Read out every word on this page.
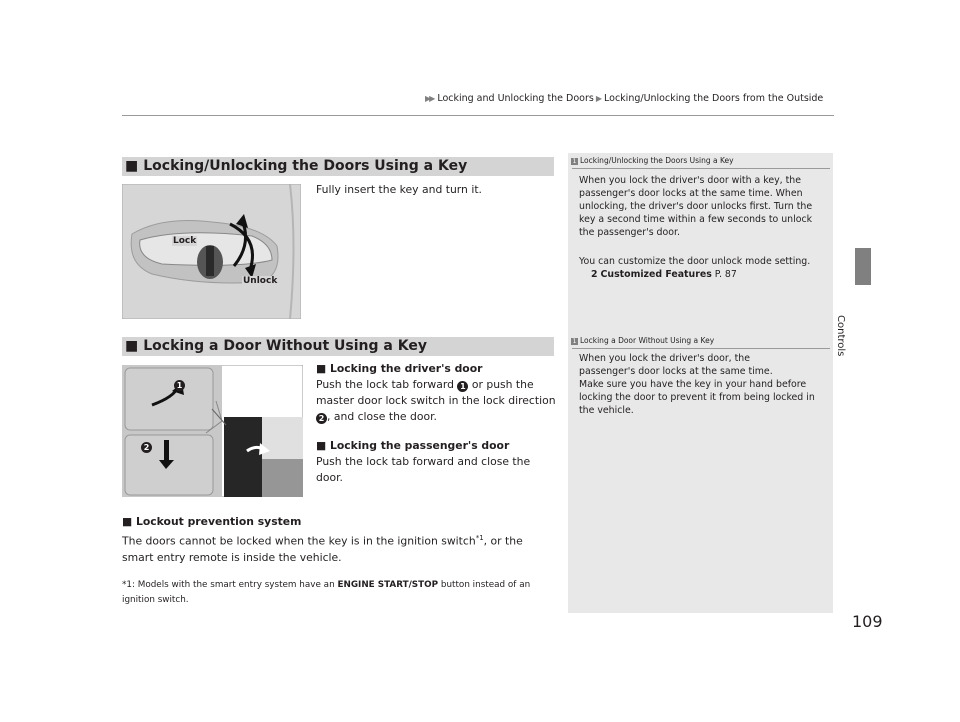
▶▶ Locking and Unlocking the Doors ▶ Locking/Unlocking the Doors from the Outside
Controls
■ Locking/Unlocking the Doors Using a Key
Lock
Unlock
Fully insert the key and turn it.
■ Locking a Door Without Using a Key
1
2
■ Locking the driver's door
Push the lock tab forward 1 or push the master door lock switch in the lock direction
2 , and close the door.
■ Locking the passenger's door
Push the lock tab forward and close the door.
■ Lockout prevention system
The doors cannot be locked when the key is in the ignition switch$^{*1}$, or the smart entry remote is inside the vehicle.
*1: Models with the smart entry system have an ENGINE START/STOP button instead of an ignition switch.
1 Locking/Unlocking the Doors Using a Key
When you lock the driver's door with a key, the passenger's door locks at the same time. When unlocking, the driver's door unlocks first. Turn the key a second time within a few seconds to unlock the passenger's door.
You can customize the door unlock mode setting.
2 Customized Features P. 87
1 Locking a Door Without Using a Key
When you lock the driver's door, the passenger's door locks at the same time.
Make sure you have the key in your hand before locking the door to prevent it from being locked in the vehicle.
109
